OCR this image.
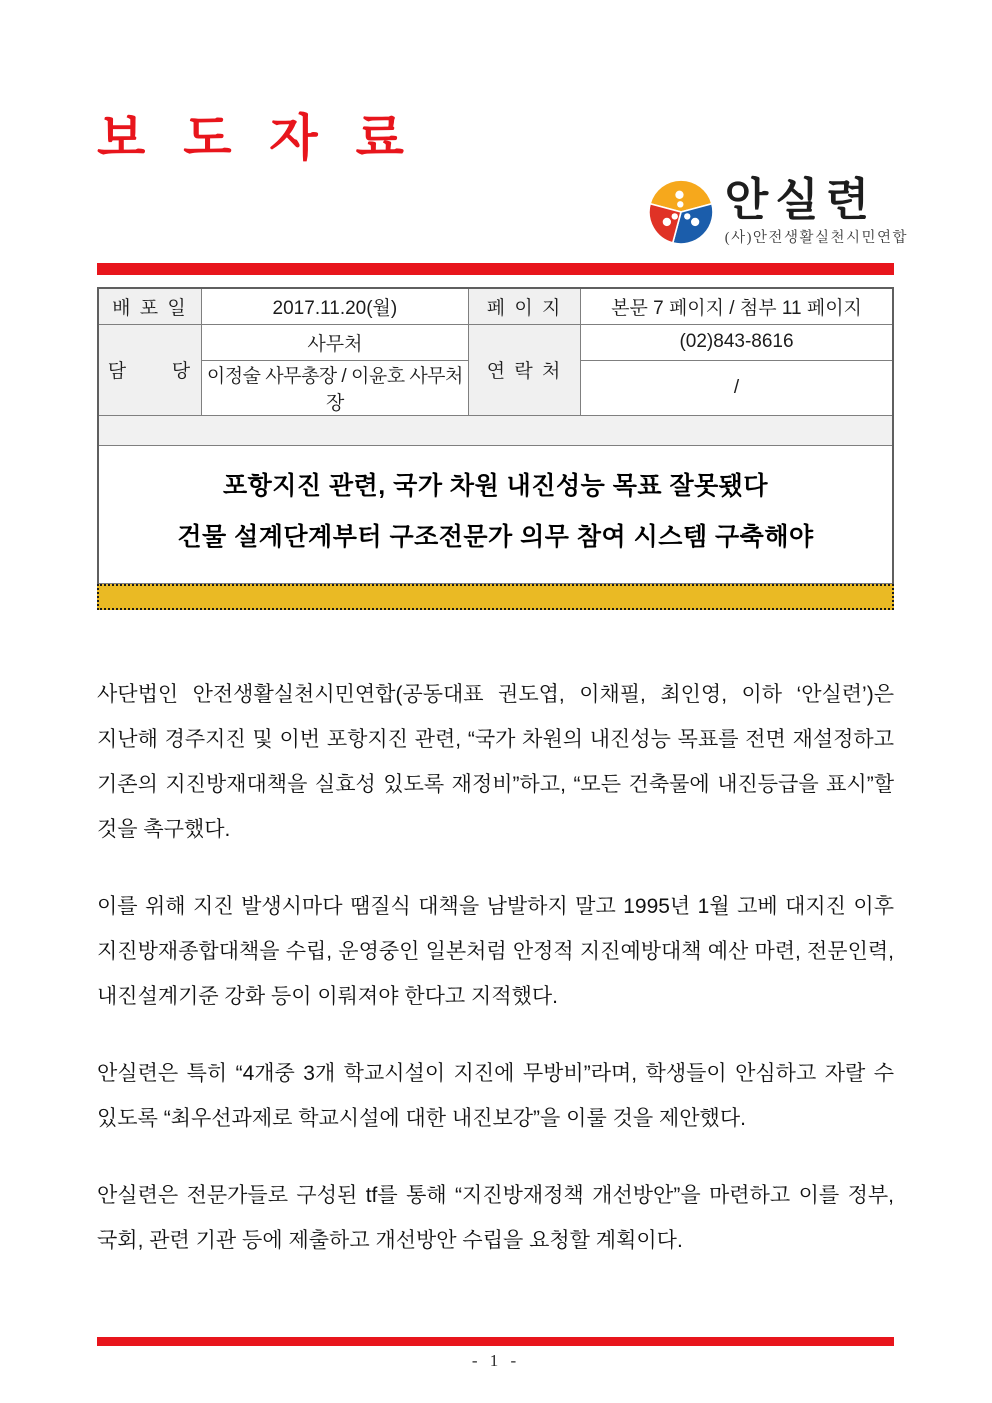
보 도 자 료
안실련
(사)안전생활실천시민연합
배 포 일	2017.11.20(월)	페 이 지	본문 7 페이지 / 첨부 11 페이지
담      당	사무처	연 락 처	(02)843-8616
	이정술 사무총장 / 이윤호 사무처장		/

포항지진 관련, 국가 차원 내진성능 목표 잘못됐다
건물 설계단계부터 구조전문가 의무 참여 시스템 구축해야			

사단법인 안전생활실천시민연합(공동대표 권도엽, 이채필, 최인영, 이하 ‘안실련’)은 지난해 경주지진 및 이번 포항지진 관련, “국가 차원의 내진성능 목표를 전면 재설정하고 기존의 지진방재대책을 실효성 있도록 재정비”하고, “모든 건축물에 내진등급을 표시”할 것을 촉구했다.

이를 위해 지진 발생시마다 땜질식 대책을 남발하지 말고 1995년 1월 고베 대지진 이후 지진방재종합대책을 수립, 운영중인 일본처럼 안정적 지진예방대책 예산 마련, 전문인력, 내진설계기준 강화 등이 이뤄져야 한다고 지적했다.

안실련은 특히 “4개중 3개 학교시설이 지진에 무방비”라며, 학생들이 안심하고 자랄 수 있도록 “최우선과제로 학교시설에 대한 내진보강”을 이룰 것을 제안했다.

안실련은 전문가들로 구성된 tf를 통해 “지진방재정책 개선방안”을 마련하고 이를 정부, 국회, 관련 기관 등에 제출하고 개선방안 수립을 요청할 계획이다.

- 1 -
